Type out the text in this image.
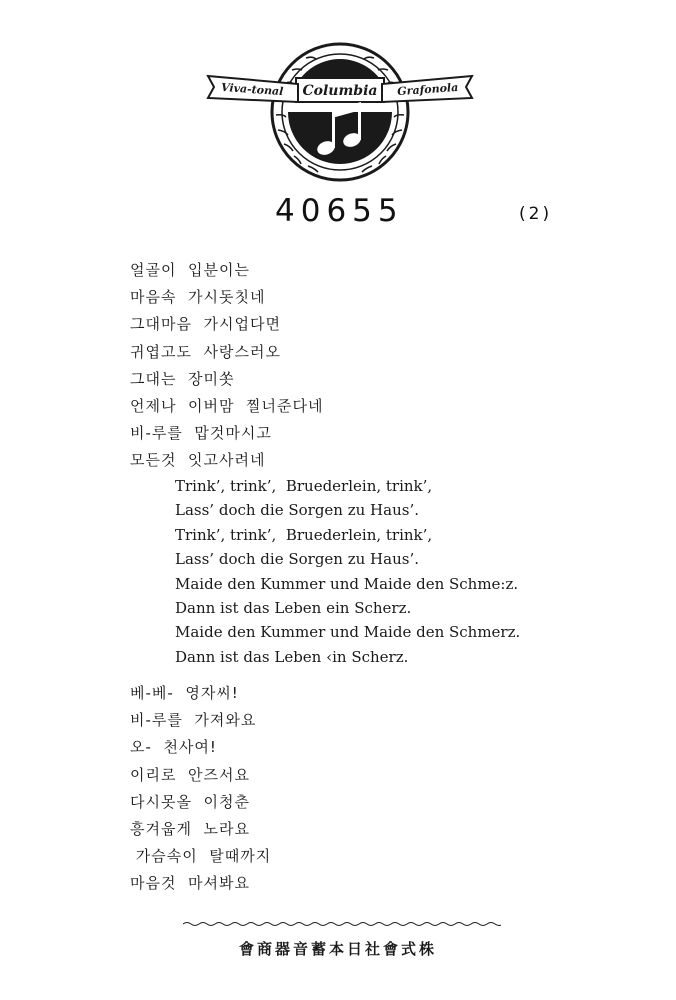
Columbia
Viva-tonal	Grafonola
40655	(2)
얼골이  입분이는
마음속  가시돗칫네
그대마음  가시업다면
귀엽고도  사랑스러오
그대는  장미쏫
언제나  이버맘  찔너준다네
비-루를  맙것마시고
모든것  잇고사려네
Trink’, trink’,  Bruederlein, trink’,
Lass’ doch die Sorgen zu Haus’.
Trink’, trink’,  Bruederlein, trink’,
Lass’ doch die Sorgen zu Haus’.
Maide den Kummer und Maide den Schme:z.
Dann ist das Leben ein Scherz.
Maide den Kummer und Maide den Schmerz.
Dann ist das Leben ‹in Scherz.
베-베-  영자씨!
비-루를  가져와요
오-  천사여!
이리로  안즈서요
다시못올  이청춘
흥겨웁게  노라요
가슴속이  탈때까지
마음것  마셔봐요
會商器音蓄本日社會式株
